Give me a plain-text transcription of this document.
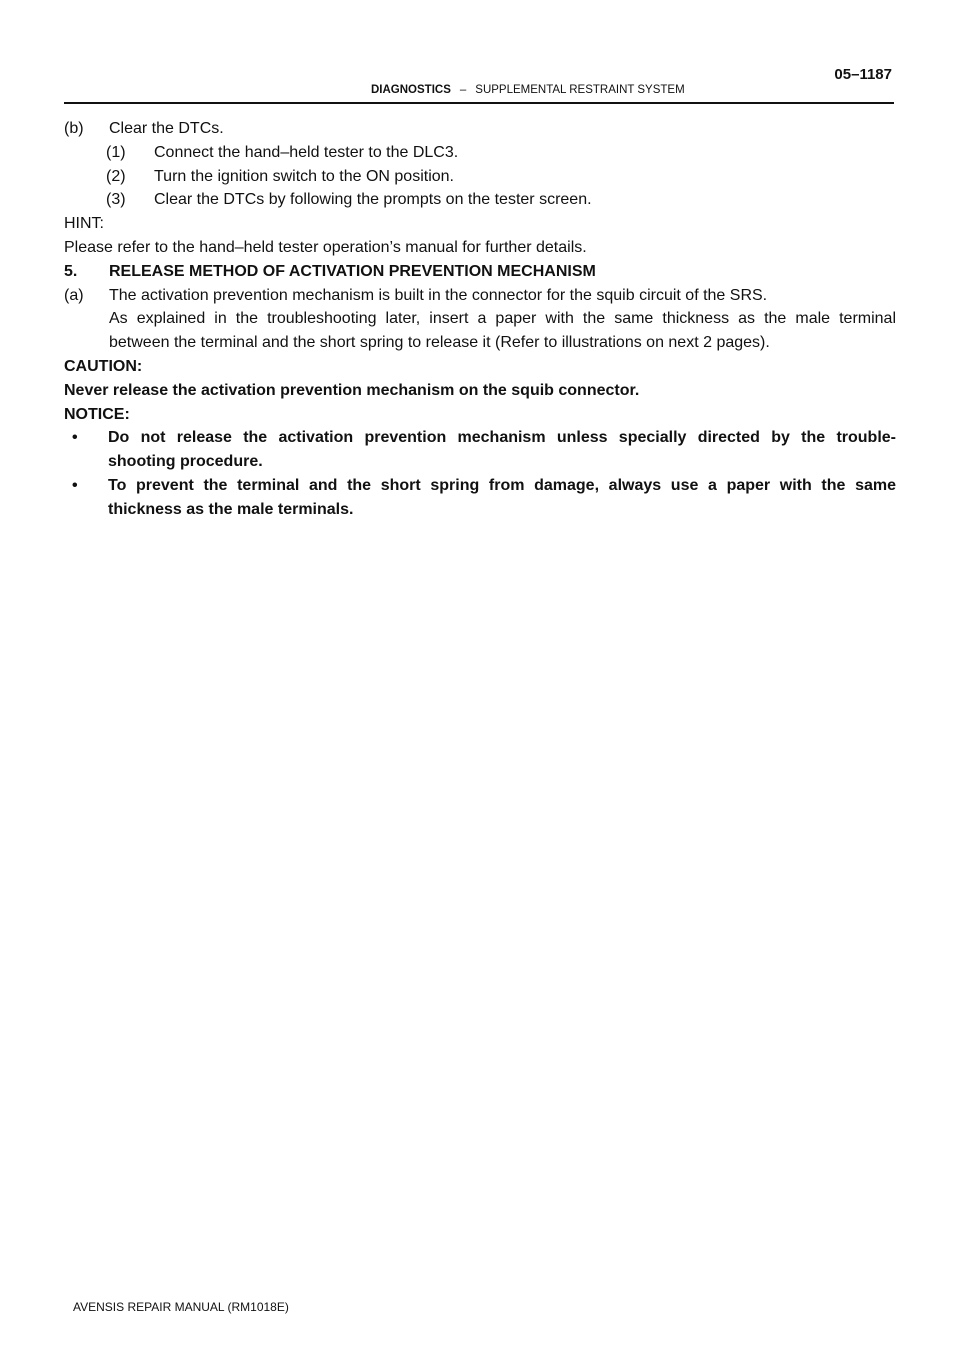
05–1187
DIAGNOSTICS – SUPPLEMENTAL RESTRAINT SYSTEM
(b)	Clear the DTCs.
(1)	Connect the hand–held tester to the DLC3.
(2)	Turn the ignition switch to the ON position.
(3)	Clear the DTCs by following the prompts on the tester screen.
HINT:
Please refer to the hand–held tester operation’s manual for further details.
5.	RELEASE METHOD OF ACTIVATION PREVENTION MECHANISM
(a)	The activation prevention mechanism is built in the connector for the squib circuit of the SRS.
As explained in the troubleshooting later, insert a paper with the same thickness as the male terminal
between the terminal and the short spring to release it (Refer to illustrations on next 2 pages).
CAUTION:
Never release the activation prevention mechanism on the squib connector.
NOTICE:
•	Do not release the activation prevention mechanism unless specially directed by the trouble-
shooting procedure.
•	To prevent the terminal and the short spring from damage, always use a paper with the same
thickness as the male terminals.
AVENSIS REPAIR MANUAL (RM1018E)
